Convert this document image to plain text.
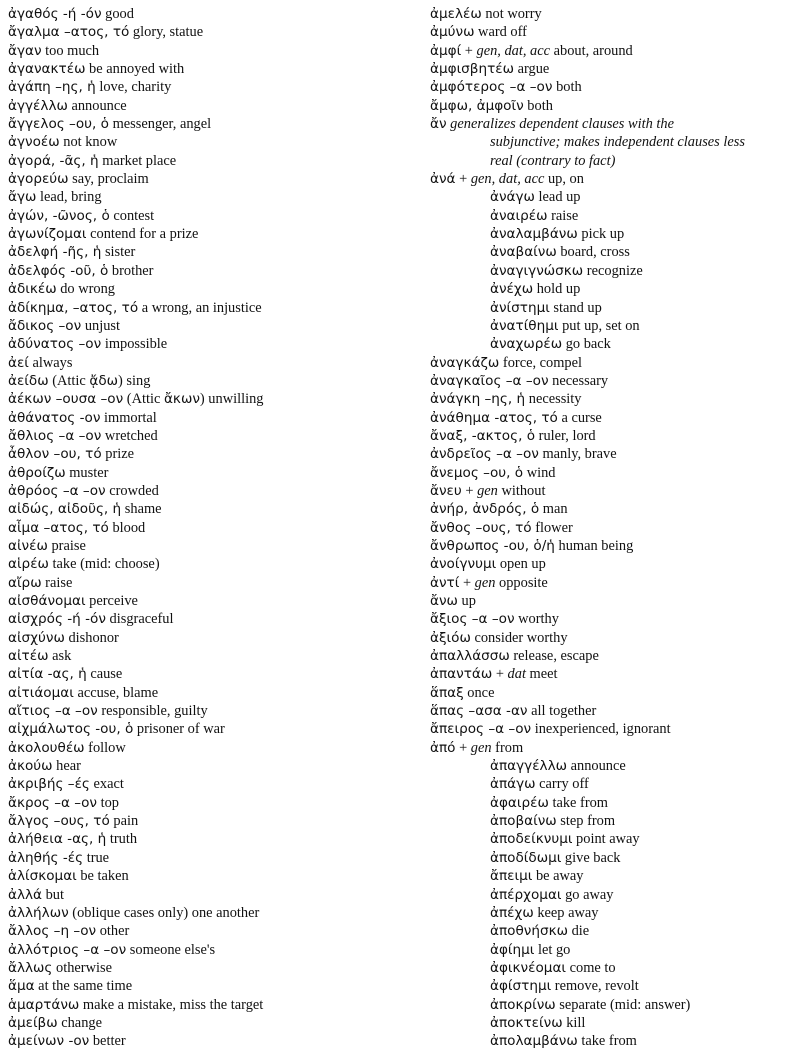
ἀγαθός -ή -όν good
ἄγαλμα –ατος, τό glory, statue
ἄγαν too much
ἀγανακτέω be annoyed with
ἀγάπη –ης, ἡ love, charity
ἀγγέλλω announce
ἄγγελος –ου, ὁ messenger, angel
ἀγνοέω not know
ἀγορά, -ᾶς, ἡ market place
ἀγορεύω say, proclaim
ἄγω lead, bring
ἀγών, -ῶνος, ὁ contest
ἀγωνίζομαι contend for a prize
ἀδελφή -ῆς, ἡ sister
ἀδελφός -οῦ, ὁ brother
ἀδικέω do wrong
ἀδίκημα, –ατος, τό a wrong, an injustice
ἄδικος –ον unjust
ἀδύνατος –ον impossible
ἀεί always
ἀείδω (Attic ᾄδω) sing
ἀέκων –ουσα –ον (Attic ἄκων) unwilling
ἀθάνατος -ον immortal
ἄθλιος –α –ον wretched
ἆθλον –ου, τό prize
ἀθροίζω muster
ἀθρόος –α –ον crowded
αἰδώς, αἰδοῦς, ἡ shame
αἷμα –ατος, τό blood
αἰνέω praise
αἱρέω take (mid: choose)
αἴρω raise
αἰσθάνομαι perceive
αἰσχρός -ή -όν disgraceful
αἰσχύνω dishonor
αἰτέω ask
αἰτία -ας, ἡ cause
αἰτιάομαι accuse, blame
αἴτιος –α –ον responsible, guilty
αἰχμάλωτος -ου, ὁ prisoner of war
ἀκολουθέω follow
ἀκούω hear
ἀκριβής –ές exact
ἄκρος –α –ον top
ἄλγος –ους, τό pain
ἀλήθεια -ας, ἡ truth
ἀληθής -ές true
ἁλίσκομαι be taken
ἀλλά but
ἀλλήλων (oblique cases only) one another
ἄλλος –η –ον other
ἀλλότριος –α –ον someone else's
ἄλλως otherwise
ἅμα at the same time
ἁμαρτάνω make a mistake, miss the target
ἀμείβω change
ἀμείνων -ον better
ἀμελέω not worry
ἀμύνω ward off
ἀμφί + gen, dat, acc about, around
ἀμφισβητέω argue
ἀμφότερος –α –ον both
ἄμφω, ἀμφοῖν both
ἄν generalizes dependent clauses with the
subjunctive; makes independent clauses less
real (contrary to fact)
ἀνά + gen, dat, acc up, on
ἀνάγω lead up
ἀναιρέω raise
ἀναλαμβάνω pick up
ἀναβαίνω board, cross
ἀναγιγνώσκω recognize
ἀνέχω hold up
ἀνίστημι stand up
ἀνατίθημι put up, set on
ἀναχωρέω go back
ἀναγκάζω force, compel
ἀναγκαῖος –α –ον necessary
ἀνάγκη –ης, ἡ necessity
ἀνάθημα -ατος, τό a curse
ἄναξ, -ακτος, ὁ ruler, lord
ἀνδρεῖος –α –ον manly, brave
ἄνεμος –ου, ὁ wind
ἄνευ + gen without
ἀνήρ, ἀνδρός, ὁ man
ἄνθος –ους, τό flower
ἄνθρωπος -ου, ὁ/ἡ human being
ἀνοίγνυμι open up
ἀντί + gen opposite
ἄνω up
ἄξιος –α –ον worthy
ἀξιόω consider worthy
ἀπαλλάσσω release, escape
ἀπαντάω + dat meet
ἅπαξ once
ἅπας –ασα -αν all together
ἄπειρος –α –ον inexperienced, ignorant
ἀπό + gen from
ἀπαγγέλλω announce
ἀπάγω carry off
ἀφαιρέω take from
ἀποβαίνω step from
ἀποδείκνυμι point away
ἀποδίδωμι give back
ἄπειμι be away
ἀπέρχομαι go away
ἀπέχω keep away
ἀποθνήσκω die
ἀφίημι let go
ἀφικνέομαι come to
ἀφίστημι remove, revolt
ἀποκρίνω separate (mid: answer)
ἀποκτείνω kill
ἀπολαμβάνω take from
